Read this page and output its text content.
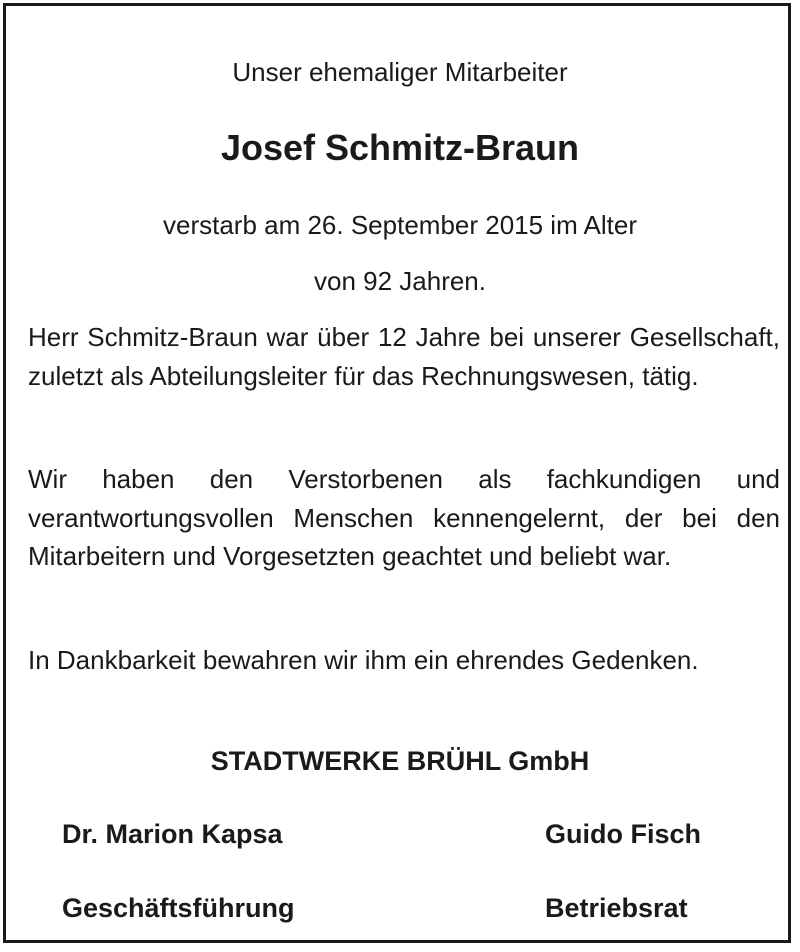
Unser ehemaliger Mitarbeiter
Josef Schmitz-Braun
verstarb am 26. September 2015 im Alter
von 92 Jahren.
Herr Schmitz-Braun war über 12 Jahre bei unserer Gesellschaft, zuletzt als Abteilungsleiter für das Rechnungswesen, tätig.
Wir haben den Verstorbenen als fachkundigen und verantwortungsvollen Menschen kennengelernt, der bei den Mitarbeitern und Vorgesetzten geachtet und beliebt war.
In Dankbarkeit bewahren wir ihm ein ehrendes Gedenken.
STADTWERKE BRÜHL GmbH
Dr. Marion Kapsa	Guido Fisch
Geschäftsführung	Betriebsrat
